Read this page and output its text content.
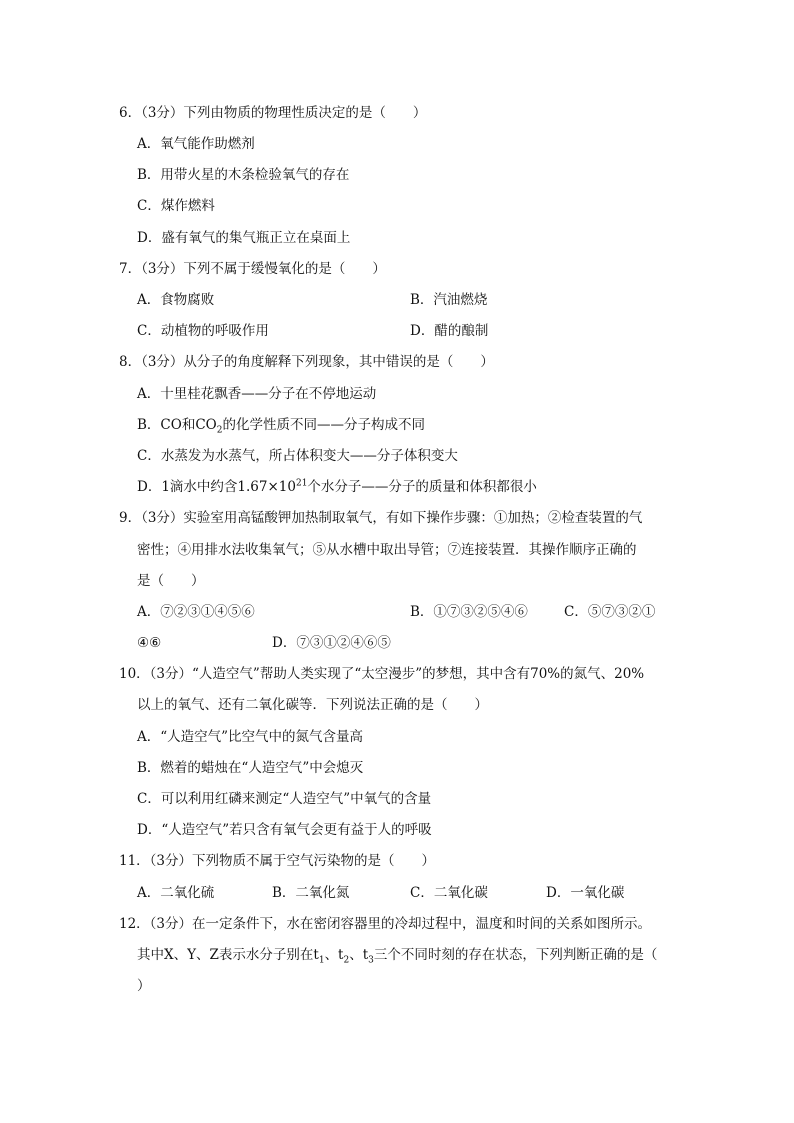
6．（3分）下列由物质的物理性质决定的是（　　）
A．氧气能作助燃剂
B．用带火星的木条检验氧气的存在
C．煤作燃料
D．盛有氧气的集气瓶正立在桌面上
7．（3分）下列不属于缓慢氧化的是（　　）
A．食物腐败	B．汽油燃烧
C．动植物的呼吸作用	D．醋的酿制
8．（3分）从分子的角度解释下列现象，其中错误的是（　　）
A．十里桂花飘香——分子在不停地运动
B．CO和$CO_2$的化学性质不同——分子构成不同
C．水蒸发为水蒸气，所占体积变大——分子体积变大
D．1滴水中约含$1.67\times 10^{21}$个水分子——分子的质量和体积都很小
9．（3分）实验室用高锰酸钾加热制取氧气，有如下操作步骤：①加热；②检查装置的气
密性；④用排水法收集氧气；⑤从水槽中取出导管；⑦连接装置．其操作顺序正确的
是（　　）
A．⑦②③①④⑤⑥	B．①⑦③②⑤④⑥	C．⑤⑦③②①
④⑥	D．⑦③①②④⑥⑤
10．（3分）“人造空气”帮助人类实现了“太空漫步”的梦想，其中含有70%的氮气、20%
以上的氧气、还有二氧化碳等．下列说法正确的是（　　）
A．“人造空气”比空气中的氮气含量高
B．燃着的蜡烛在“人造空气”中会熄灭
C．可以利用红磷来测定“人造空气”中氧气的含量
D．“人造空气”若只含有氧气会更有益于人的呼吸
11．（3分）下列物质不属于空气污染物的是（　　）
A．二氧化硫	B．二氧化氮	C．二氧化碳	D．一氧化碳
12．（3分）在一定条件下，水在密闭容器里的冷却过程中，温度和时间的关系如图所示。
其中X、Y、Z表示水分子别在$t_1$、$t_2$、$t_3$三个不同时刻的存在状态，下列判断正确的是（
）
